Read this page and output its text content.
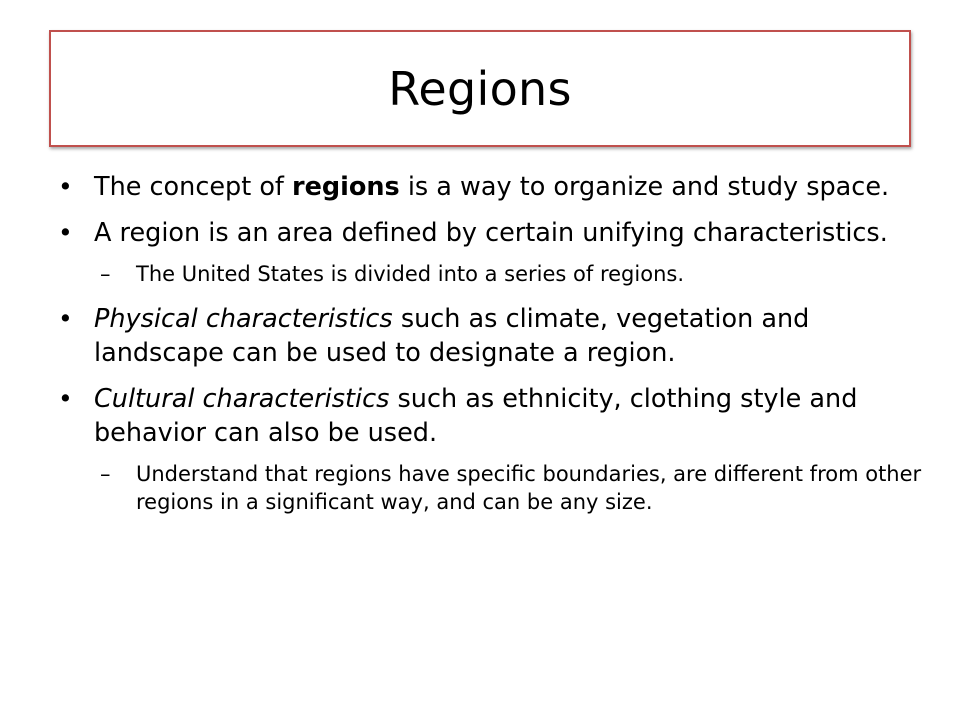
Regions
• The concept of regions is a way to organize and study space.
• A region is an area defined by certain unifying characteristics.
– The United States is divided into a series of regions.
• Physical characteristics such as climate, vegetation and landscape can be used to designate a region.
• Cultural characteristics such as ethnicity, clothing style and behavior can also be used.
– Understand that regions have specific boundaries, are different from other regions in a significant way, and can be any size.
